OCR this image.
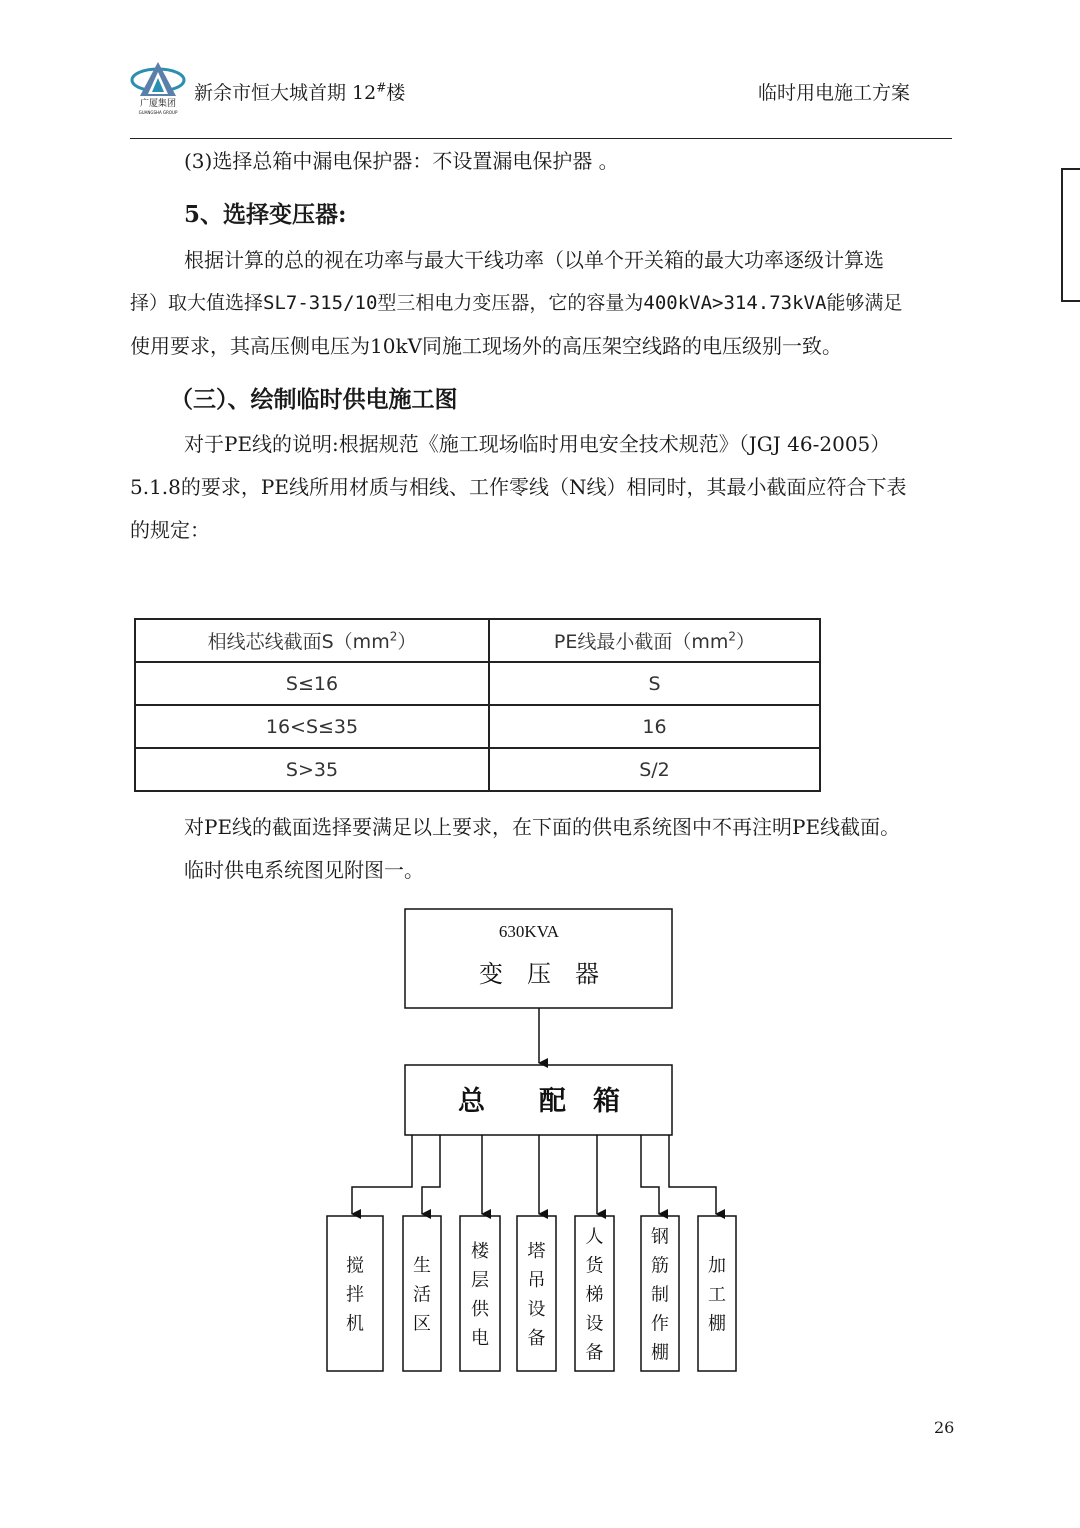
广厦集团
GUANGSHA GROUP
新余市恒大城首期 12#楼	临时用电施工方案
(3)选择总箱中漏电保护器：不设置漏电保护器 。
5、选择变压器:
根据计算的总的视在功率与最大干线功率（以单个开关箱的最大功率逐级计算选
择）取大值选择SL7-315/10型三相电力变压器，它的容量为400kVA>314.73kVA能够满足
使用要求，其高压侧电压为10kV同施工现场外的高压架空线路的电压级别一致。
（三）、绘制临时供电施工图
对于PE线的说明:根据规范《施工现场临时用电安全技术规范》（JGJ 46-2005）
5.1.8的要求，PE线所用材质与相线、工作零线（N线）相同时，其最小截面应符合下表
的规定：
相线芯线截面$S(mm^2)$	PE线最小截面$(mm^2)$
S≤16	S
16<S≤35	16
S>35	S/2
对PE线的截面选择要满足以上要求，在下面的供电系统图中不再注明PE线截面。
临时供电系统图见附图一。
630KVA
变　压　器
总　　配　箱
搅
拌
机
生
活
区
楼
层
供
电
塔
吊
设
备
人
货
梯
设
备
钢
筋
制
作
棚
加
工
棚
26
